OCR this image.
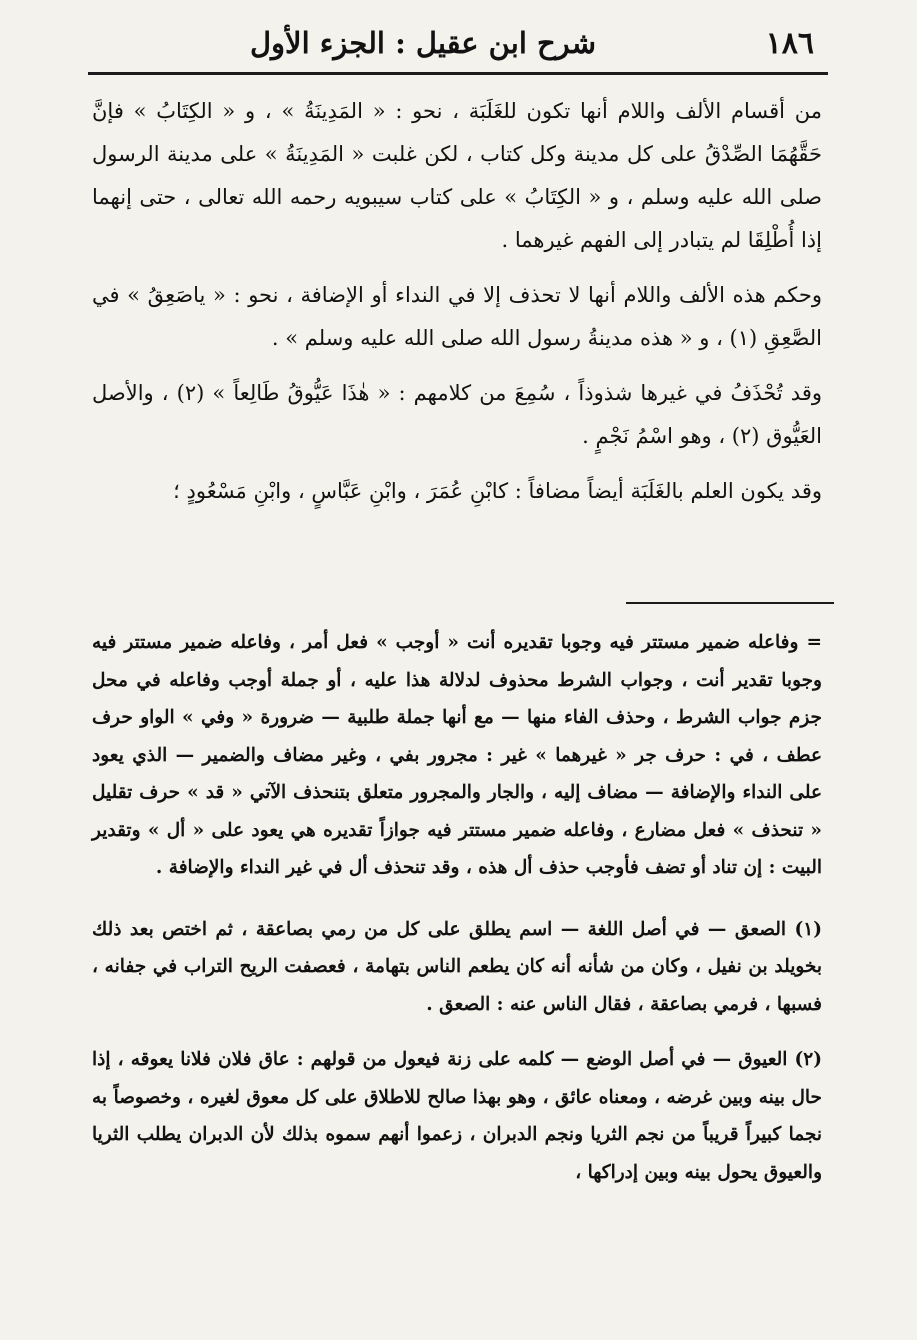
١٨٦
شرح ابن عقيل : الجزء الأول

من أقسام الألف واللام أنها تكون للغَلَبَة ، نحو : « المَدِينَةُ » ، و « الكِتَابُ » فإنَّ حَقَّهُمَا الصِّدْقُ على كل مدينة وكل كتاب ، لكن غلبت « المَدِينَةُ » على مدينة الرسول صلى الله عليه وسلم ، و « الكِتَابُ » على كتاب سيبويه رحمه الله تعالى ، حتى إنهما إذا أُطْلِقَا لم يتبادر إلى الفهم غيرهما .

وحكم هذه الألف واللام أنها لا تحذف إلا في النداء أو الإضافة ، نحو : « ياصَعِقُ » في الصَّعِقِ (١) ، و « هذه مدينةُ رسول الله صلى الله عليه وسلم » .

وقد تُحْذَفُ في غيرها شذوذاً ، سُمِعَ من كلامهم : « هٰذَا عَيُّوقُ طَالِعاً » (٢) ، والأصل العَيُّوق (٢) ، وهو اسْمُ نَجْمٍ .

وقد يكون العلم بالغَلَبَة أيضاً مضافاً : كابْنِ عُمَرَ ، وابْنِ عَبَّاسٍ ، وابْنِ مَسْعُودٍ ؛

= وفاعله ضمير مستتر فيه وجوبا تقديره أنت « أوجب » فعل أمر ، وفاعله ضمير مستتر فيه وجوبا تقدير أنت ، وجواب الشرط محذوف لدلالة هذا عليه ، أو جملة أوجب وفاعله في محل جزم جواب الشرط ، وحذف الفاء منها — مع أنها جملة طلبية — ضرورة « وفي » الواو حرف عطف ، في : حرف جر « غيرهما » غير : مجرور بفي ، وغير مضاف والضمير — الذي يعود على النداء والإضافة — مضاف إليه ، والجار والمجرور متعلق بتنحذف الآتي « قد » حرف تقليل « تنحذف » فعل مضارع ، وفاعله ضمير مستتر فيه جوازاً تقديره هي يعود على « أل » وتقدير البيت : إن تناد أو تضف فأوجب حذف أل هذه ، وقد تنحذف أل في غير النداء والإضافة .

(١) الصعق — في أصل اللغة — اسم يطلق على كل من رمي بصاعقة ، ثم اختص بعد ذلك بخويلد بن نفيل ، وكان من شأنه أنه كان يطعم الناس بتهامة ، فعصفت الريح التراب في جفانه ، فسبها ، فرمي بصاعقة ، فقال الناس عنه : الصعق .

(٢) العيوق — في أصل الوضع — كلمه على زنة فيعول من قولهم : عاق فلان فلانا يعوقه ، إذا حال بينه وبين غرضه ، ومعناه عائق ، وهو بهذا صالح للاطلاق على كل معوق لغيره ، وخصوصاً به نجما كبيراً قريباً من نجم الثريا ونجم الدبران ، زعموا أنهم سموه بذلك لأن الدبران يطلب الثريا والعيوق يحول بينه وبين إدراكها ،
